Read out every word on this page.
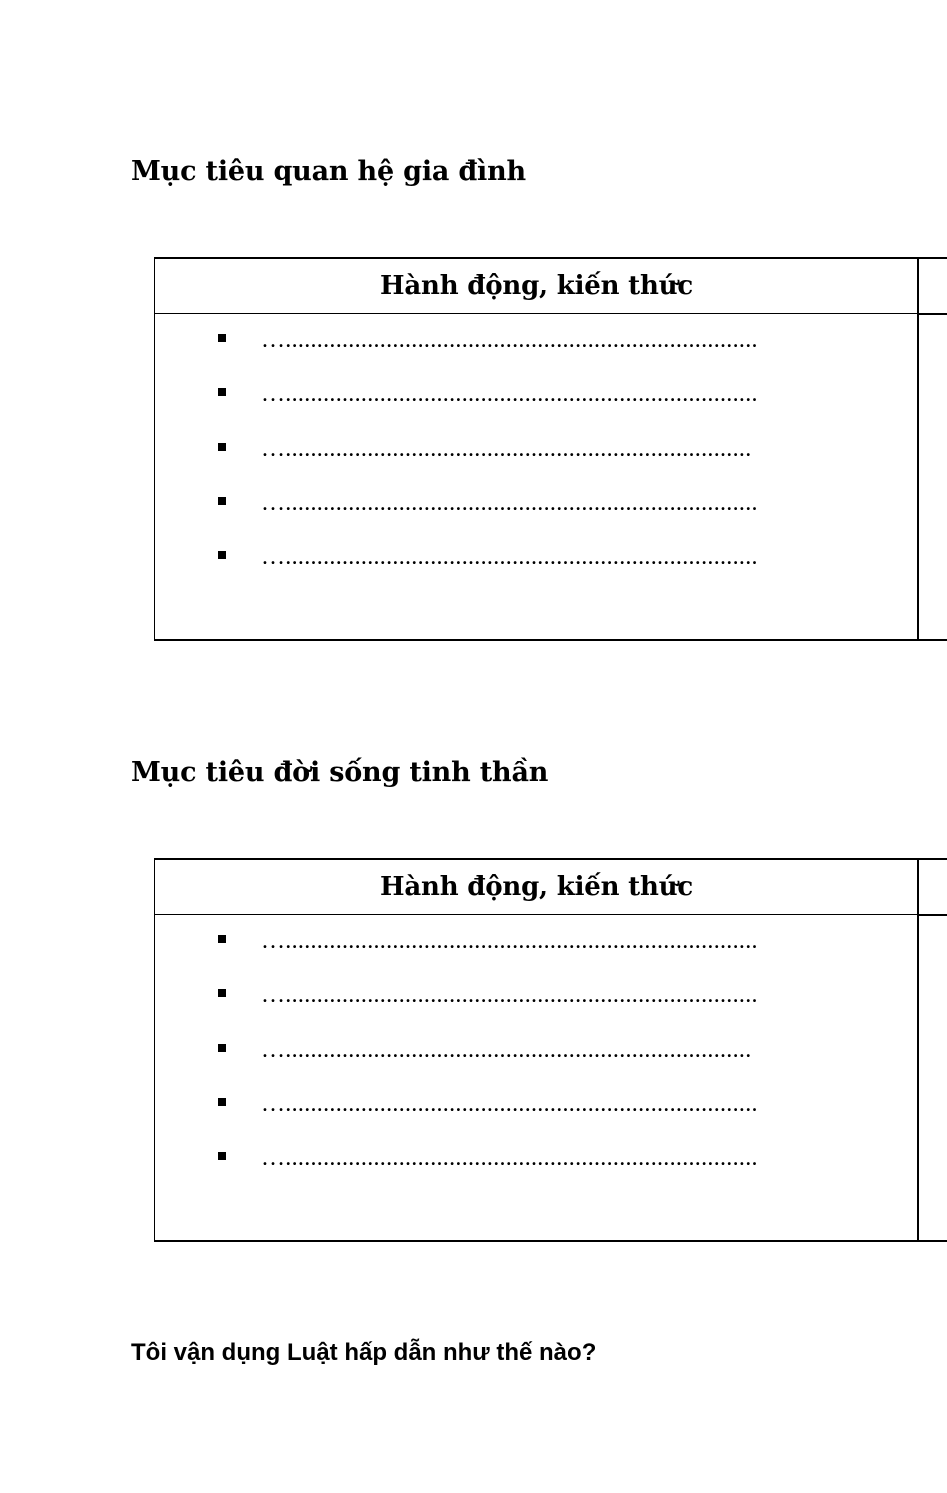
Mục tiêu quan hệ gia đình
Hành động, kiến thức
…...........................................................................
…...........................................................................
…..........................................................................
…...........................................................................
…...........................................................................
Mục tiêu đời sống tinh thần
Hành động, kiến thức
…...........................................................................
…...........................................................................
…..........................................................................
…...........................................................................
…...........................................................................
Tôi vận dụng Luật hấp dẫn như thế nào?
